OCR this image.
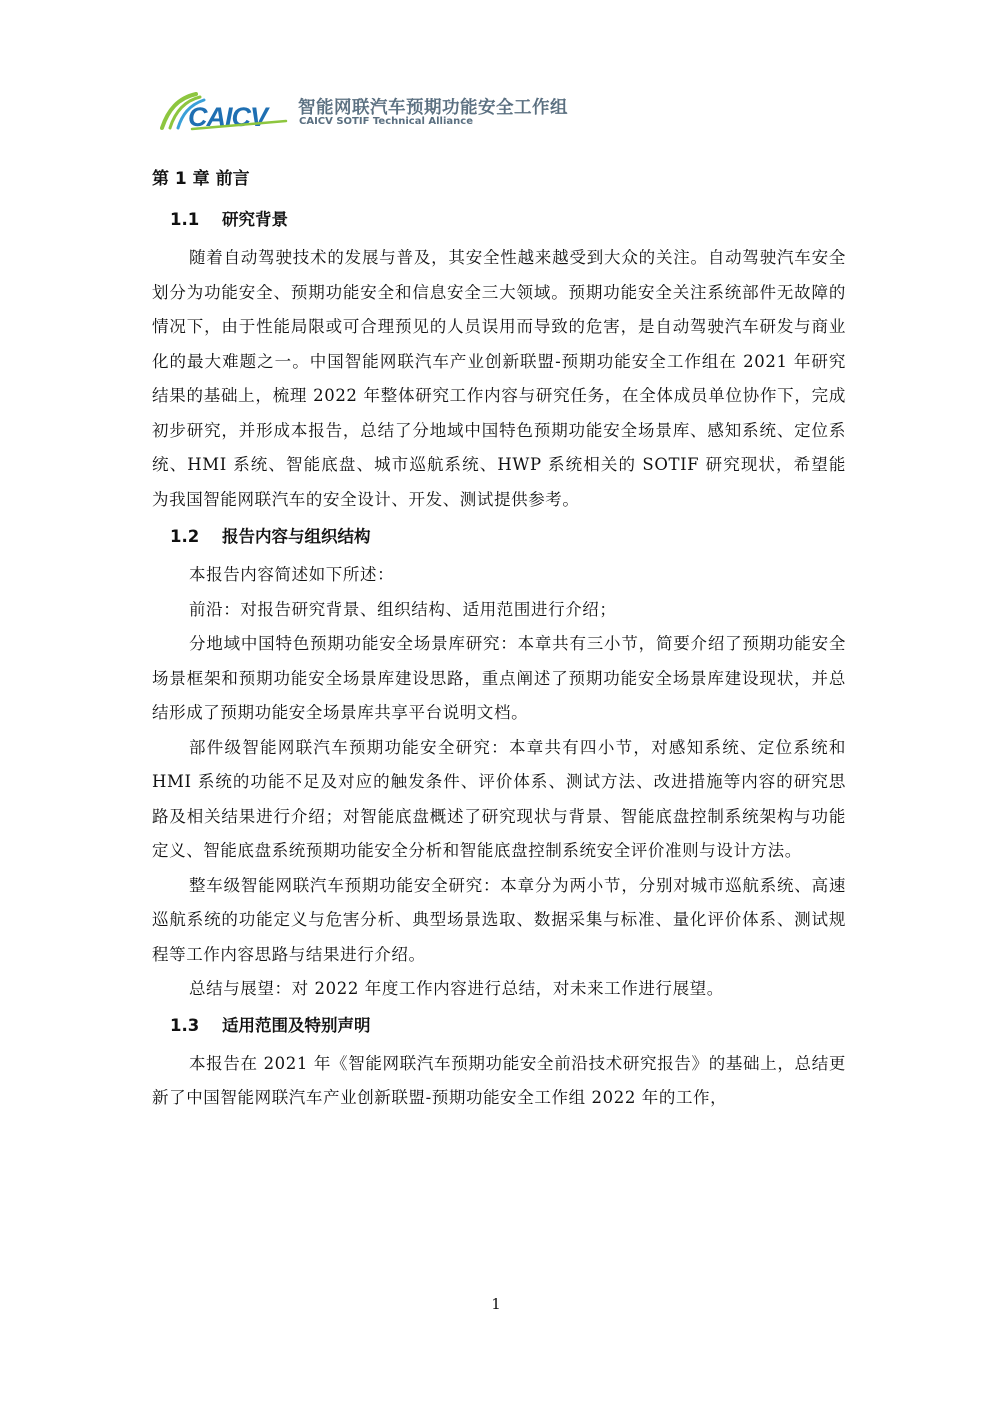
CAICV 智能网联汽车预期功能安全工作组
CAICV SOTIF Technical Alliance
第 1 章 前言
1.1 研究背景

随着自动驾驶技术的发展与普及，其安全性越来越受到大众的关注。自动驾驶汽车安全划分为功能安全、预期功能安全和信息安全三大领域。预期功能安全关注系统部件无故障的情况下，由于性能局限或可合理预见的人员误用而导致的危害，是自动驾驶汽车研发与商业化的最大难题之一。中国智能网联汽车产业创新联盟-预期功能安全工作组在 2021 年研究结果的基础上，梳理 2022 年整体研究工作内容与研究任务，在全体成员单位协作下，完成初步研究，并形成本报告，总结了分地域中国特色预期功能安全场景库、感知系统、定位系统、HMI 系统、智能底盘、城市巡航系统、HWP 系统相关的 SOTIF 研究现状，希望能为我国智能网联汽车的安全设计、开发、测试提供参考。

1.2 报告内容与组织结构

本报告内容简述如下所述：

前沿：对报告研究背景、组织结构、适用范围进行介绍；

分地域中国特色预期功能安全场景库研究：本章共有三小节，简要介绍了预期功能安全场景框架和预期功能安全场景库建设思路，重点阐述了预期功能安全场景库建设现状，并总结形成了预期功能安全场景库共享平台说明文档。

部件级智能网联汽车预期功能安全研究：本章共有四小节，对感知系统、定位系统和 HMI 系统的功能不足及对应的触发条件、评价体系、测试方法、改进措施等内容的研究思路及相关结果进行介绍；对智能底盘概述了研究现状与背景、智能底盘控制系统架构与功能定义、智能底盘系统预期功能安全分析和智能底盘控制系统安全评价准则与设计方法。

整车级智能网联汽车预期功能安全研究：本章分为两小节，分别对城市巡航系统、高速巡航系统的功能定义与危害分析、典型场景选取、数据采集与标准、量化评价体系、测试规程等工作内容思路与结果进行介绍。

总结与展望：对 2022 年度工作内容进行总结，对未来工作进行展望。

1.3 适用范围及特别声明

本报告在 2021 年《智能网联汽车预期功能安全前沿技术研究报告》的基础上，总结更新了中国智能网联汽车产业创新联盟-预期功能安全工作组 2022 年的工作，

1
